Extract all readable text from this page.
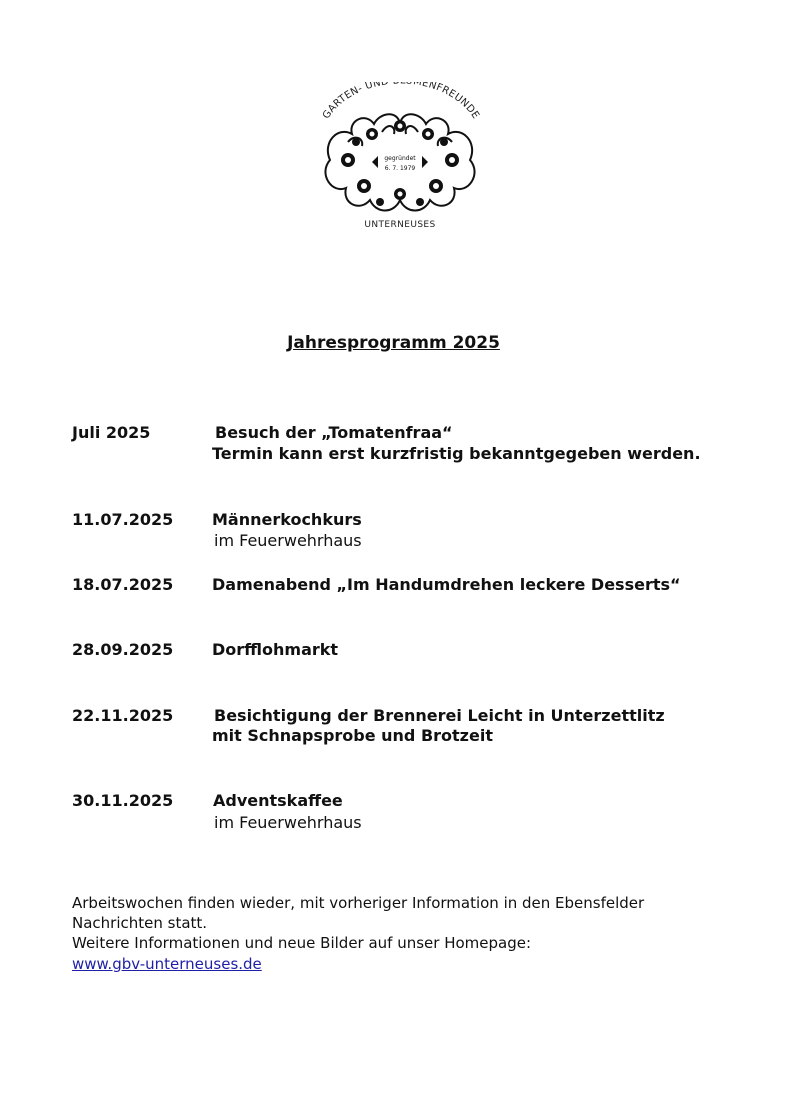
GARTEN- UND MENFREUNDE
gegründet
6. 7. 1979
UNTERNEUSES
Jahresprogramm 2025
Juli 2025	Besuch der „Tomatenfraa“
Termin kann erst kurzfristig bekanntgegeben werden.
11.07.2025 Männerkochkurs
im Feuerwehrhaus
18.07.2025 Damenabend „Im Handumdrehen leckere Desserts“
28.09.2025 Dorfflohmarkt
22.11.2025	Besichtigung der Brennerei Leicht in Unterzettlitz
mit Schnapsprobe und Brotzeit
30.11.2025 Adventskaffee
im Feuerwehrhaus
Arbeitswochen finden wieder, mit vorheriger Information in den Ebensfelder
Nachrichten statt.
Weitere Informationen und neue Bilder auf unser Homepage:
www.gbv-unterneuses.de
